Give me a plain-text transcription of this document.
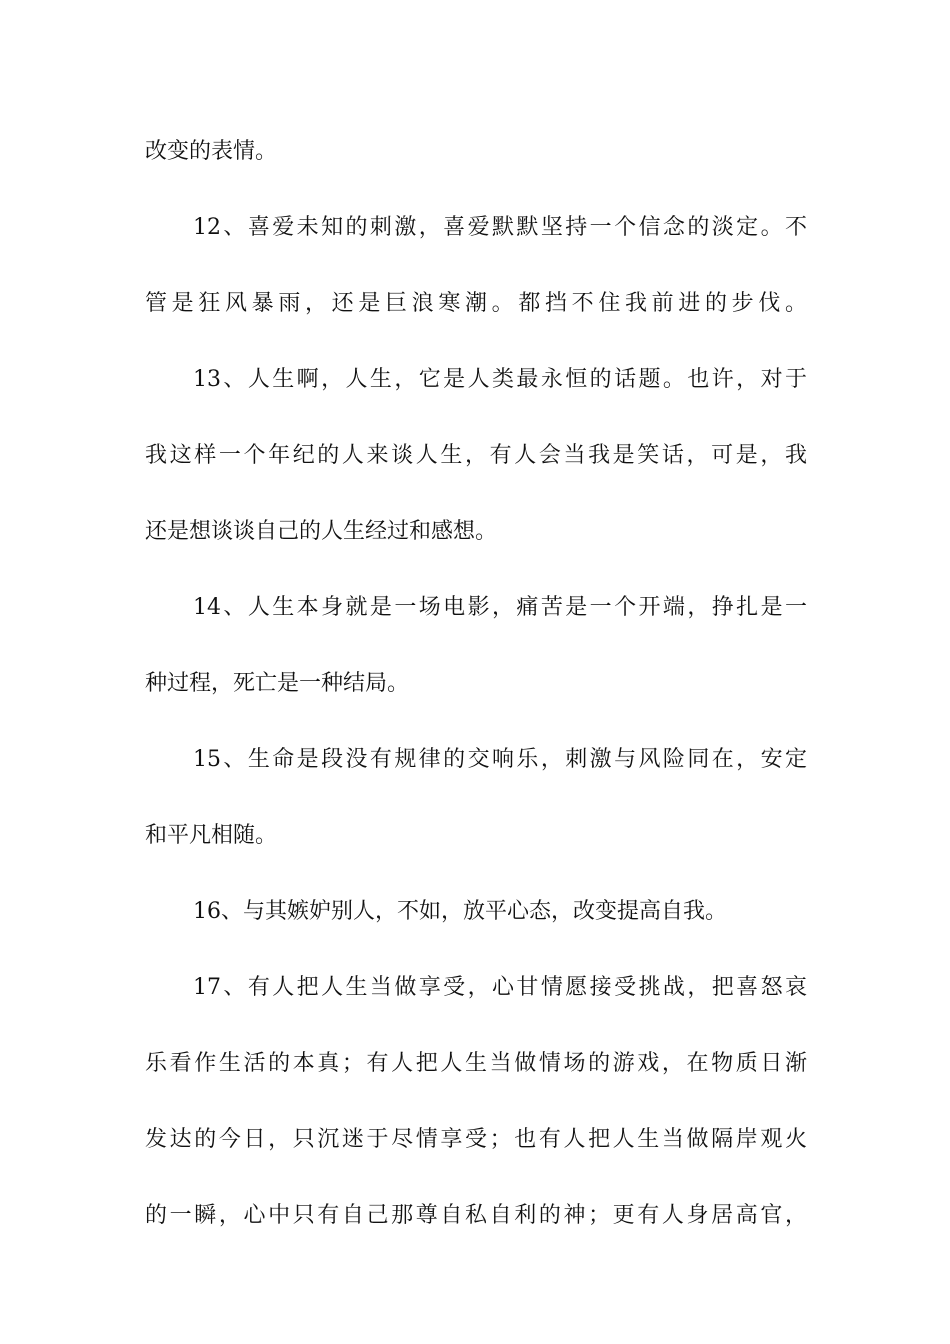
改变的表情。
12、喜爱未知的刺激，喜爱默默坚持一个信念的淡定。不
管是狂风暴雨，还是巨浪寒潮。都挡不住我前进的步伐。
13、人生啊，人生，它是人类最永恒的话题。也许，对于
我这样一个年纪的人来谈人生，有人会当我是笑话，可是，我
还是想谈谈自己的人生经过和感想。
14、人生本身就是一场电影，痛苦是一个开端，挣扎是一
种过程，死亡是一种结局。
15、生命是段没有规律的交响乐，刺激与风险同在，安定
和平凡相随。
16、与其嫉妒别人，不如，放平心态，改变提高自我。
17、有人把人生当做享受，心甘情愿接受挑战，把喜怒哀
乐看作生活的本真；有人把人生当做情场的游戏，在物质日渐
发达的今日，只沉迷于尽情享受；也有人把人生当做隔岸观火
的一瞬，心中只有自己那尊自私自利的神；更有人身居高官，
